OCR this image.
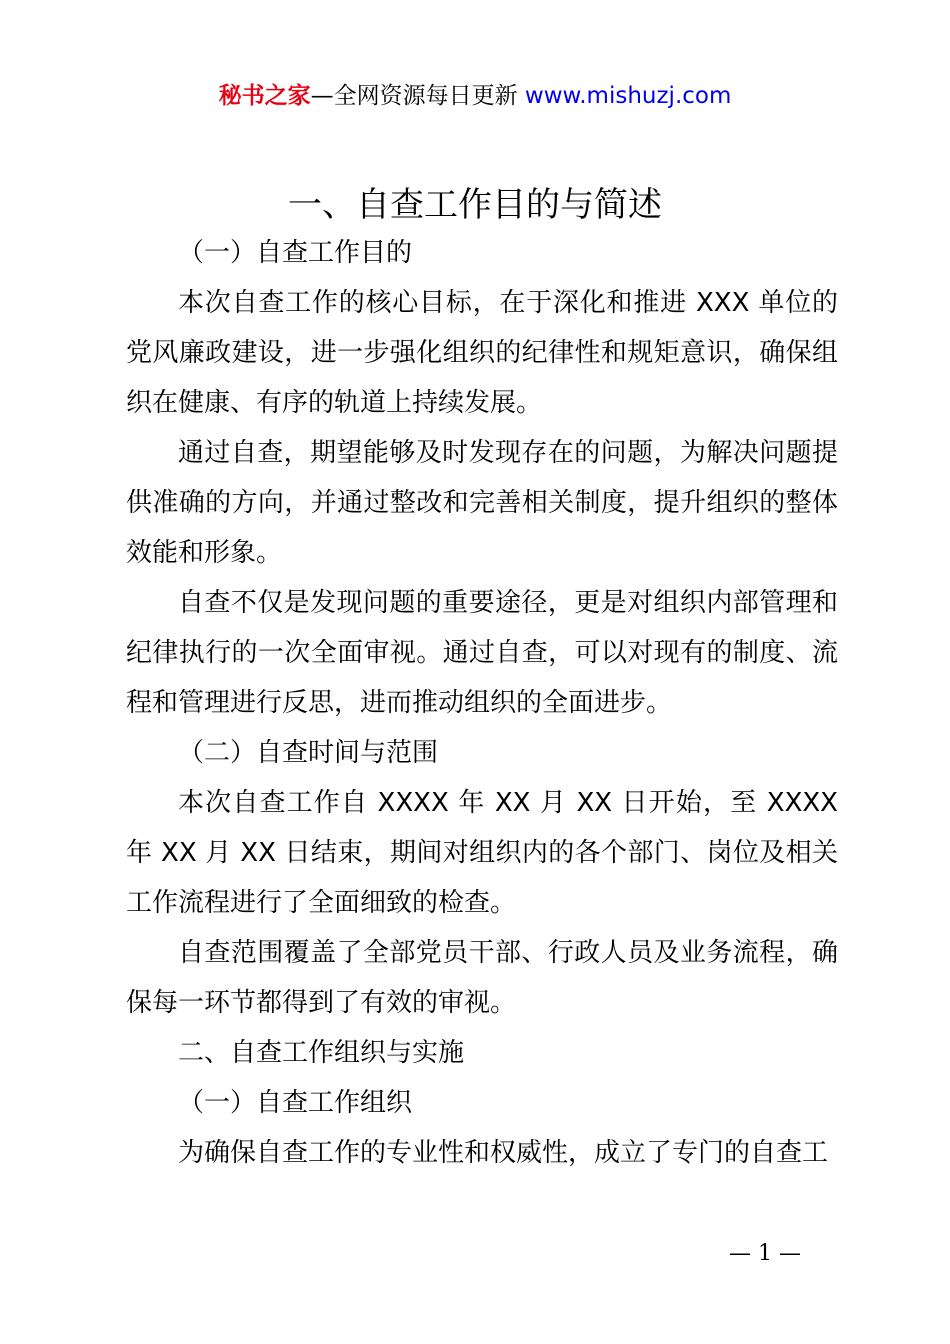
秘书之家—全网资源每日更新 www.mishuzj.com
一、自查工作目的与简述

（一）自查工作目的

本次自查工作的核心目标，在于深化和推进 XXX 单位的党风廉政建设，进一步强化组织的纪律性和规矩意识，确保组织在健康、有序的轨道上持续发展。

通过自查，期望能够及时发现存在的问题，为解决问题提供准确的方向，并通过整改和完善相关制度，提升组织的整体效能和形象。

自查不仅是发现问题的重要途径，更是对组织内部管理和纪律执行的一次全面审视。通过自查，可以对现有的制度、流程和管理进行反思，进而推动组织的全面进步。

（二）自查时间与范围

本次自查工作自 XXXX 年 XX 月 XX 日开始，至 XXXX 年 XX 月 XX 日结束，期间对组织内的各个部门、岗位及相关工作流程进行了全面细致的检查。

自查范围覆盖了全部党员干部、行政人员及业务流程，确保每一环节都得到了有效的审视。

二、自查工作组织与实施

（一）自查工作组织

为确保自查工作的专业性和权威性，成立了专门的自查工

— 1 —
